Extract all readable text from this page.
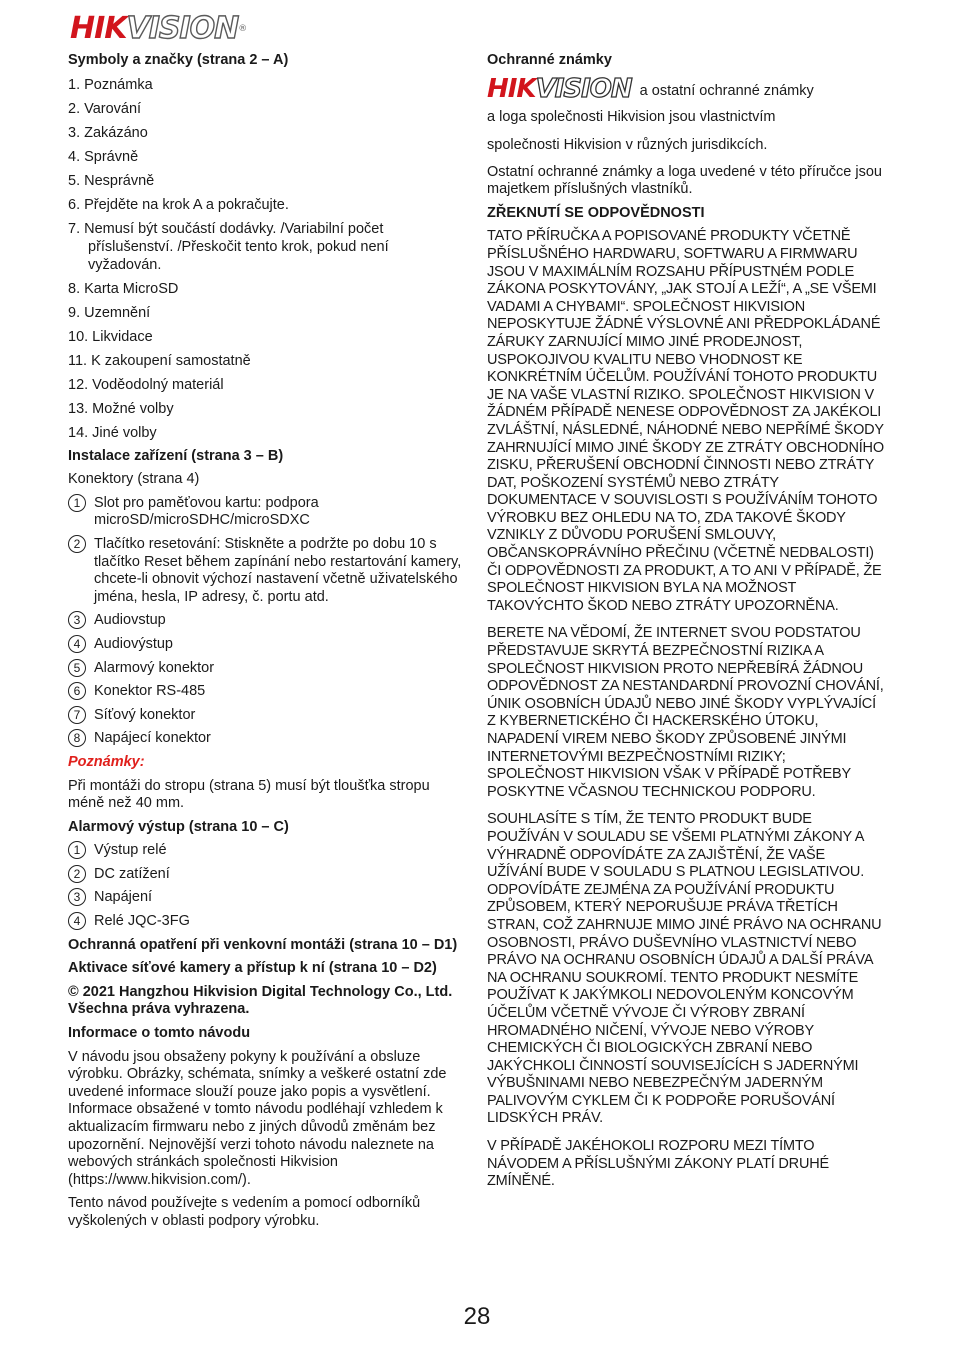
HIKVISION®

Symboly a značky (strana 2 – A)

1. Poznámka
2. Varování
3. Zakázáno
4. Správně
5. Nesprávně
6. Přejděte na krok A a pokračujte.
7. Nemusí být součástí dodávky. /Variabilní počet příslušenství. /Přeskočit tento krok, pokud není vyžadován.
8. Karta MicroSD
9. Uzemnění
10. Likvidace
11. K zakoupení samostatně
12. Voděodolný materiál
13. Možné volby
14. Jiné volby

Instalace zařízení (strana 3 – B)

Konektory (strana 4)

1 Slot pro paměťovou kartu: podpora microSD/microSDHC/microSDXC
2 Tlačítko resetování: Stiskněte a podržte po dobu 10 s tlačítko Reset během zapínání nebo restartování kamery, chcete-li obnovit výchozí nastavení včetně uživatelského jména, hesla, IP adresy, č. portu atd.
3 Audiovstup
4 Audiovýstup
5 Alarmový konektor
6 Konektor RS-485
7 Síťový konektor
8 Napájecí konektor

Poznámky:

Při montáži do stropu (strana 5) musí být tloušťka stropu méně než 40 mm.

Alarmový výstup (strana 10 – C)

1 Výstup relé
2 DC zatížení
3 Napájení
4 Relé JQC-3FG

Ochranná opatření při venkovní montáži (strana 10 – D1)

Aktivace síťové kamery a přístup k ní (strana 10 – D2)

© 2021 Hangzhou Hikvision Digital Technology Co., Ltd. Všechna práva vyhrazena.

Informace o tomto návodu

V návodu jsou obsaženy pokyny k používání a obsluze výrobku. Obrázky, schémata, snímky a veškeré ostatní zde uvedené informace slouží pouze jako popis a vysvětlení. Informace obsažené v tomto návodu podléhají vzhledem k aktualizacím firmwaru nebo z jiných důvodů změnám bez upozornění. Nejnovější verzi tohoto návodu naleznete na webových stránkách společnosti Hikvision (https://www.hikvision.com/).

Tento návod používejte s vedením a pomocí odborníků vyškolených v oblasti podpory výrobku.

Ochranné známky

HIKVISION a ostatní ochranné známky

a loga společnosti Hikvision jsou vlastnictvím

společnosti Hikvision v různých jurisdikcích.

Ostatní ochranné známky a loga uvedené v této příručce jsou majetkem příslušných vlastníků.

ZŘEKNUTÍ SE ODPOVĚDNOSTI

TATO PŘÍRUČKA A POPISOVANÉ PRODUKTY VČETNĚ PŘÍSLUŠNÉHO HARDWARU, SOFTWARU A FIRMWARU JSOU V MAXIMÁLNÍM ROZSAHU PŘÍPUSTNÉM PODLE ZÁKONA POSKYTOVÁNY, „JAK STOJÍ A LEŽÍ“, A „SE VŠEMI VADAMI A CHYBAMI“. SPOLEČNOST HIKVISION NEPOSKYTUJE ŽÁDNÉ VÝSLOVNÉ ANI PŘEDPOKLÁDANÉ ZÁRUKY ZARNUJÍCÍ MIMO JINÉ PRODEJNOST, USPOKOJIVOU KVALITU NEBO VHODNOST KE KONKRÉTNÍM ÚČELŮM. POUŽÍVÁNÍ TOHOTO PRODUKTU JE NA VAŠE VLASTNÍ RIZIKO. SPOLEČNOST HIKVISION V ŽÁDNÉM PŘÍPADĚ NENESE ODPOVĚDNOST ZA JAKÉKOLI ZVLÁŠTNÍ, NÁSLEDNÉ, NÁHODNÉ NEBO NEPŘÍMÉ ŠKODY ZAHRNUJÍCÍ MIMO JINÉ ŠKODY ZE ZTRÁTY OBCHODNÍHO ZISKU, PŘERUŠENÍ OBCHODNÍ ČINNOSTI NEBO ZTRÁTY DAT, POŠKOZENÍ SYSTÉMŮ NEBO ZTRÁTY DOKUMENTACE V SOUVISLOSTI S POUŽÍVÁNÍM TOHOTO VÝROBKU BEZ OHLEDU NA TO, ZDA TAKOVÉ ŠKODY VZNIKLY Z DŮVODU PORUŠENÍ SMLOUVY, OBČANSKOPRÁVNÍHO PŘEČINU (VČETNĚ NEDBALOSTI) ČI ODPOVĚDNOSTI ZA PRODUKT, A TO ANI V PŘÍPADĚ, ŽE SPOLEČNOST HIKVISION BYLA NA MOŽNOST TAKOVÝCHTO ŠKOD NEBO ZTRÁTY UPOZORNĚNA.

BERETE NA VĚDOMÍ, ŽE INTERNET SVOU PODSTATOU PŘEDSTAVUJE SKRYTÁ BEZPEČNOSTNÍ RIZIKA A SPOLEČNOST HIKVISION PROTO NEPŘEBÍRÁ ŽÁDNOU ODPOVĚDNOST ZA NESTANDARDNÍ PROVOZNÍ CHOVÁNÍ, ÚNIK OSOBNÍCH ÚDAJŮ NEBO JINÉ ŠKODY VYPLÝVAJÍCÍ Z KYBERNETICKÉHO ČI HACKERSKÉHO ÚTOKU, NAPADENÍ VIREM NEBO ŠKODY ZPŮSOBENÉ JINÝMI INTERNETOVÝMI BEZPEČNOSTNÍMI RIZIKY; SPOLEČNOST HIKVISION VŠAK V PŘÍPADĚ POTŘEBY POSKYTNE VČASNOU TECHNICKOU PODPORU.

SOUHLASÍTE S TÍM, ŽE TENTO PRODUKT BUDE POUŽÍVÁN V SOULADU SE VŠEMI PLATNÝMI ZÁKONY A VÝHRADNĚ ODPOVÍDÁTE ZA ZAJIŠTĚNÍ, ŽE VAŠE UŽÍVÁNÍ BUDE V SOULADU S PLATNOU LEGISLATIVOU. ODPOVÍDÁTE ZEJMÉNA ZA POUŽÍVÁNÍ PRODUKTU ZPŮSOBEM, KTERÝ NEPORUŠUJE PRÁVA TŘETÍCH STRAN, COŽ ZAHRNUJE MIMO JINÉ PRÁVO NA OCHRANU OSOBNOSTI, PRÁVO DUŠEVNÍHO VLASTNICTVÍ NEBO PRÁVO NA OCHRANU OSOBNÍCH ÚDAJŮ A DALŠÍ PRÁVA NA OCHRANU SOUKROMÍ. TENTO PRODUKT NESMÍTE POUŽÍVAT K JAKÝMKOLI NEDOVOLENÝM KONCOVÝM ÚČELŮM VČETNĚ VÝVOJE ČI VÝROBY ZBRANÍ HROMADNÉHO NIČENÍ, VÝVOJE NEBO VÝROBY CHEMICKÝCH ČI BIOLOGICKÝCH ZBRANÍ NEBO JAKÝCHKOLI ČINNOSTÍ SOUVISEJÍCÍCH S JADERNÝMI VÝBUŠNINAMI NEBO NEBEZPEČNÝM JADERNÝM PALIVOVÝM CYKLEM ČI K PODPOŘE PORUŠOVÁNÍ LIDSKÝCH PRÁV.

V PŘÍPADĚ JAKÉHOKOLI ROZPORU MEZI TÍMTO NÁVODEM A PŘÍSLUŠNÝMI ZÁKONY PLATÍ DRUHÉ ZMÍNĚNÉ.

28
